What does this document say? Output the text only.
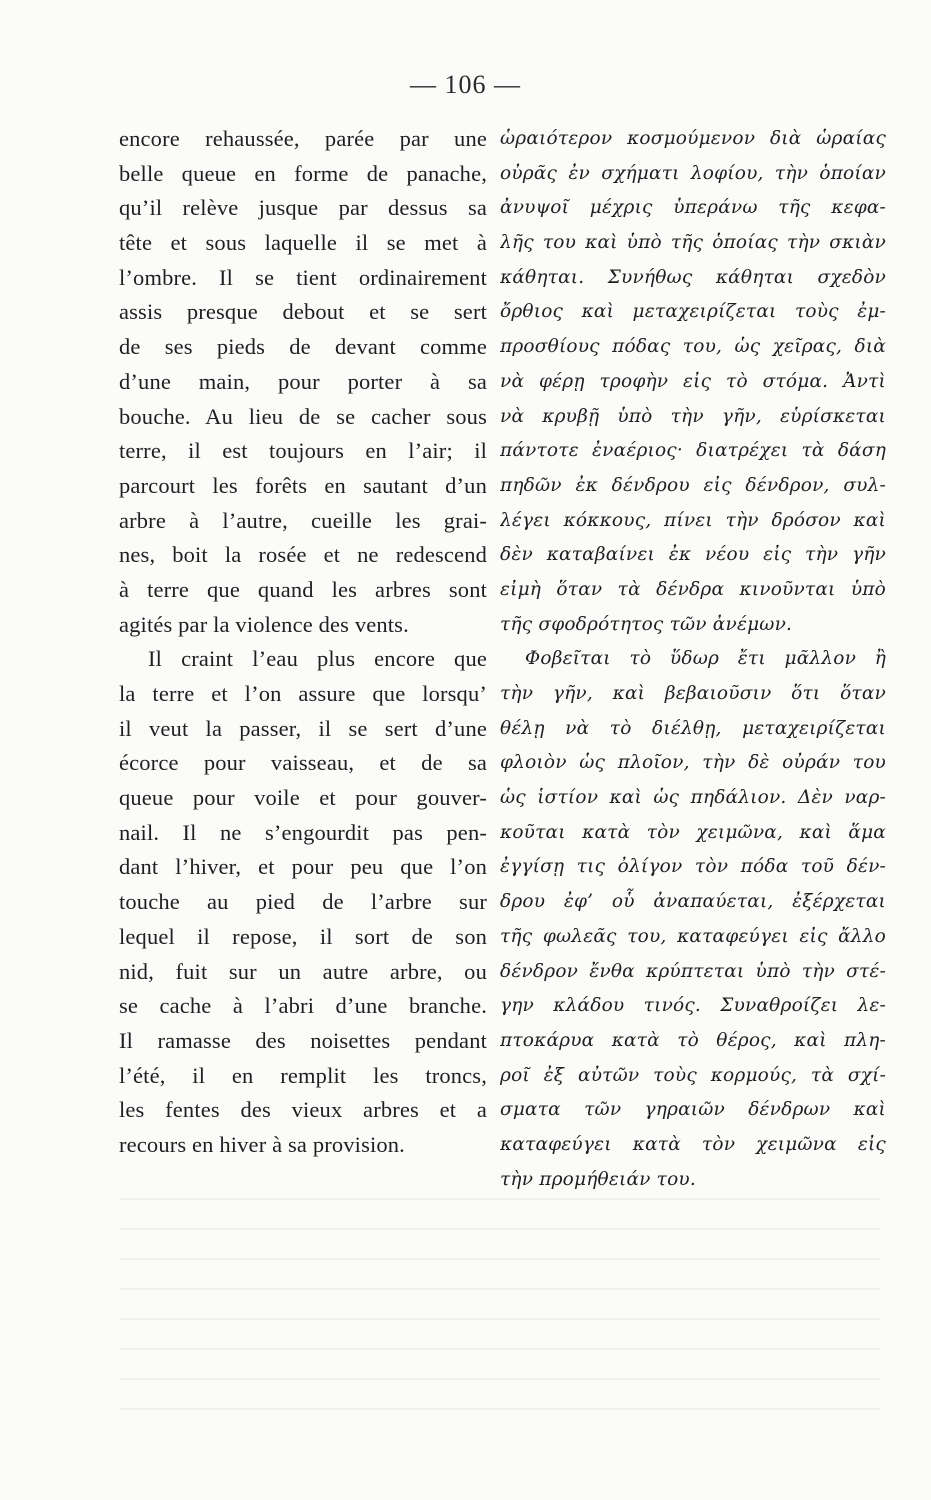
— 106 —
encore rehaussée, parée par une
belle queue en forme de panache,
qu’il relève jusque par dessus sa
tête et sous laquelle il se met à
l’ombre. Il se tient ordinairement
assis presque debout et se sert
de ses pieds de devant comme
d’une main, pour porter à sa
bouche. Au lieu de se cacher sous
terre, il est toujours en l’air; il
parcourt les forêts en sautant d’un
arbre à l’autre, cueille les grai-
nes, boit la rosée et ne redescend
à terre que quand les arbres sont
agités par la violence des vents.
Il craint l’eau plus encore que
la terre et l’on assure que lorsqu’
il veut la passer, il se sert d’une
écorce pour vaisseau, et de sa
queue pour voile et pour gouver-
nail. Il ne s’engourdit pas pen-
dant l’hiver, et pour peu que l’on
touche au pied de l’arbre sur
lequel il repose, il sort de son
nid, fuit sur un autre arbre, ou
se cache à l’abri d’une branche.
Il ramasse des noisettes pendant
l’été, il en remplit les troncs,
les fentes des vieux arbres et a
recours en hiver à sa provision.
ὡραιότερον κοσμούμενον διὰ ὡραίας
οὐρᾶς ἐν σχήματι λοφίου, τὴν ὁποίαν
ἀνυψοῖ μέχρις ὑπεράνω τῆς κεφα-
λῆς του καὶ ὑπὸ τῆς ὁποίας τὴν σκιὰν
κάθηται. Συνήθως κάθηται σχεδὸν
ὄρθιος καὶ μεταχειρίζεται τοὺς ἐμ-
προσθίους πόδας του, ὡς χεῖρας, διὰ
νὰ φέρῃ τροφὴν εἰς τὸ στόμα. Ἀντὶ
νὰ κρυβῇ ὑπὸ τὴν γῆν, εὑρίσκεται
πάντοτε ἐναέριος· διατρέχει τὰ δάση
πηδῶν ἐκ δένδρου εἰς δένδρον, συλ-
λέγει κόκκους, πίνει τὴν δρόσον καὶ
δὲν καταβαίνει ἐκ νέου εἰς τὴν γῆν
εἰμὴ ὅταν τὰ δένδρα κινοῦνται ὑπὸ
τῆς σφοδρότητος τῶν ἀνέμων.
Φοβεῖται τὸ ὕδωρ ἔτι μᾶλλον ἢ
τὴν γῆν, καὶ βεβαιοῦσιν ὅτι ὅταν
θέλῃ νὰ τὸ διέλθῃ, μεταχειρίζεται
φλοιὸν ὡς πλοῖον, τὴν δὲ οὐράν του
ὡς ἱστίον καὶ ὡς πηδάλιον. Δὲν ναρ-
κοῦται κατὰ τὸν χειμῶνα, καὶ ἅμα
ἐγγίσῃ τις ὀλίγον τὸν πόδα τοῦ δέν-
δρου ἐφ’ οὗ ἀναπαύεται, ἐξέρχεται
τῆς φωλεᾶς του, καταφεύγει εἰς ἄλλο
δένδρον ἔνθα κρύπτεται ὑπὸ τὴν στέ-
γην κλάδου τινός. Συναθροίζει λε-
πτοκάρυα κατὰ τὸ θέρος, καὶ πλη-
ροῖ ἐξ αὐτῶν τοὺς κορμούς, τὰ σχί-
σματα τῶν γηραιῶν δένδρων καὶ
καταφεύγει κατὰ τὸν χειμῶνα εἰς
τὴν προμήθειάν του.
